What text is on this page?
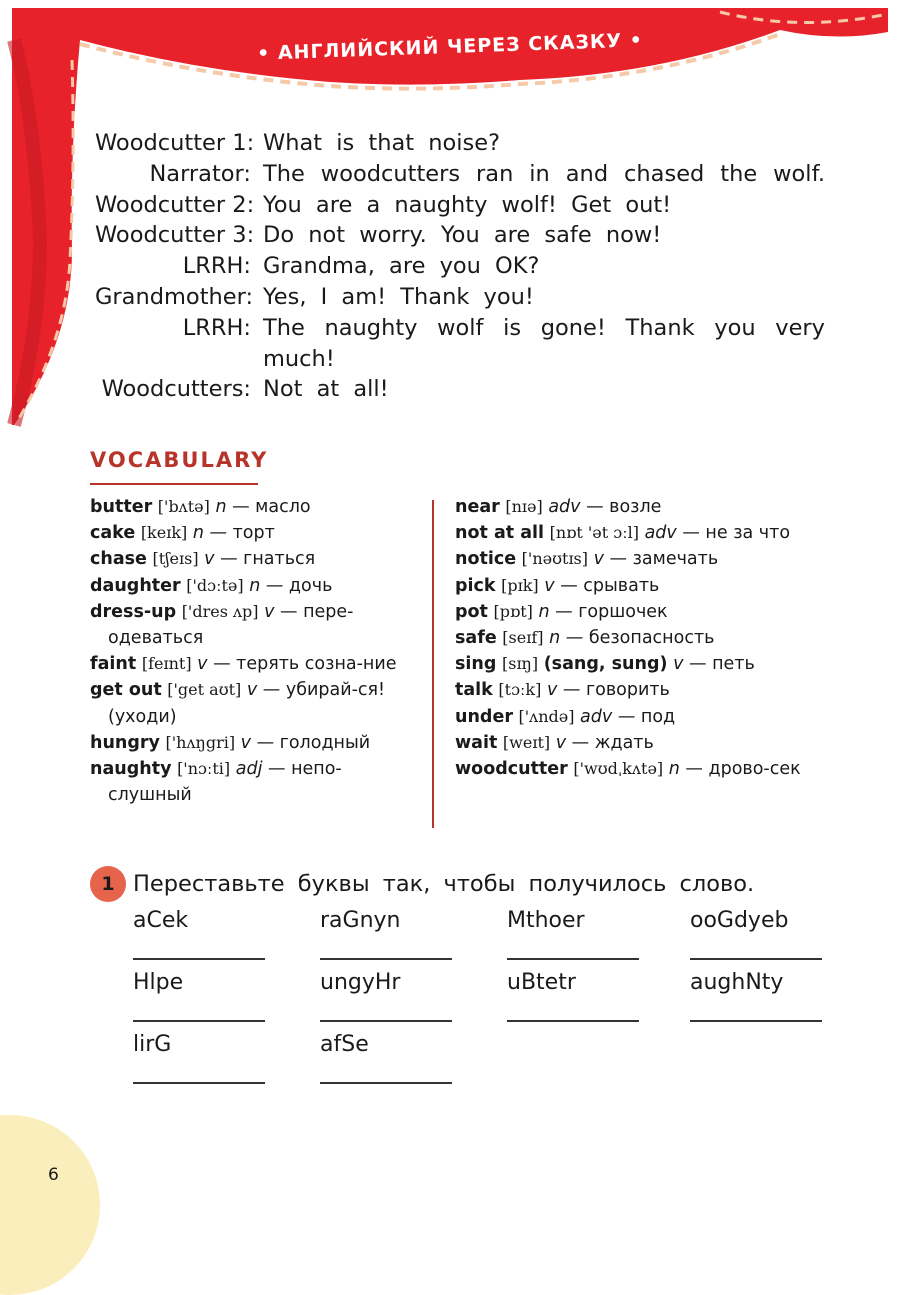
• АНГЛИЙСКИЙ ЧЕРЕЗ СКАЗКУ •
Woodcutter 1: What is that noise?
Narrator: The woodcutters ran in and chased the wolf.
Woodcutter 2: You are a naughty wolf! Get out!
Woodcutter 3: Do not worry. You are safe now!
LRRH: Grandma, are you OK?
Grandmother: Yes, I am! Thank you!
LRRH: The naughty wolf is gone! Thank you very
much!
Woodcutters: Not at all!
VOCABULARY
butter ['bʌtə] n — масло
cake [keɪk] n — торт
chase [tʃeɪs] v — гнаться
daughter ['dɔːtə] n — дочь
dress-up ['dres ʌp] v — пере-одеваться
faint [feɪnt] v — терять созна-ние
get out ['get aʊt] v — убирай-ся! (уходи)
hungry ['hʌŋgri] v — голодный
naughty ['nɔːti] adj — непо-слушный
near [nɪə] adv — возле
not at all [nɒt 'ət ɔːl] adv — не за что
notice ['nəʊtɪs] v — замечать
pick [pɪk] v — срывать
pot [pɒt] n — горшочек
safe [seɪf] n — безопасность
sing [sɪŋ] (sang, sung) v — петь
talk [tɔːk] v — говорить
under ['ʌndə] adv — под
wait [weɪt] v — ждать
woodcutter ['wʊdˌkʌtə] n — дрово-сек
1 Переставьте буквы так, чтобы получилось слово.
aCek	raGnyn	Mthoer	ooGdyeb
Hlpe	ungyHr	uBtetr	aughNty
lirG	afSe
6
